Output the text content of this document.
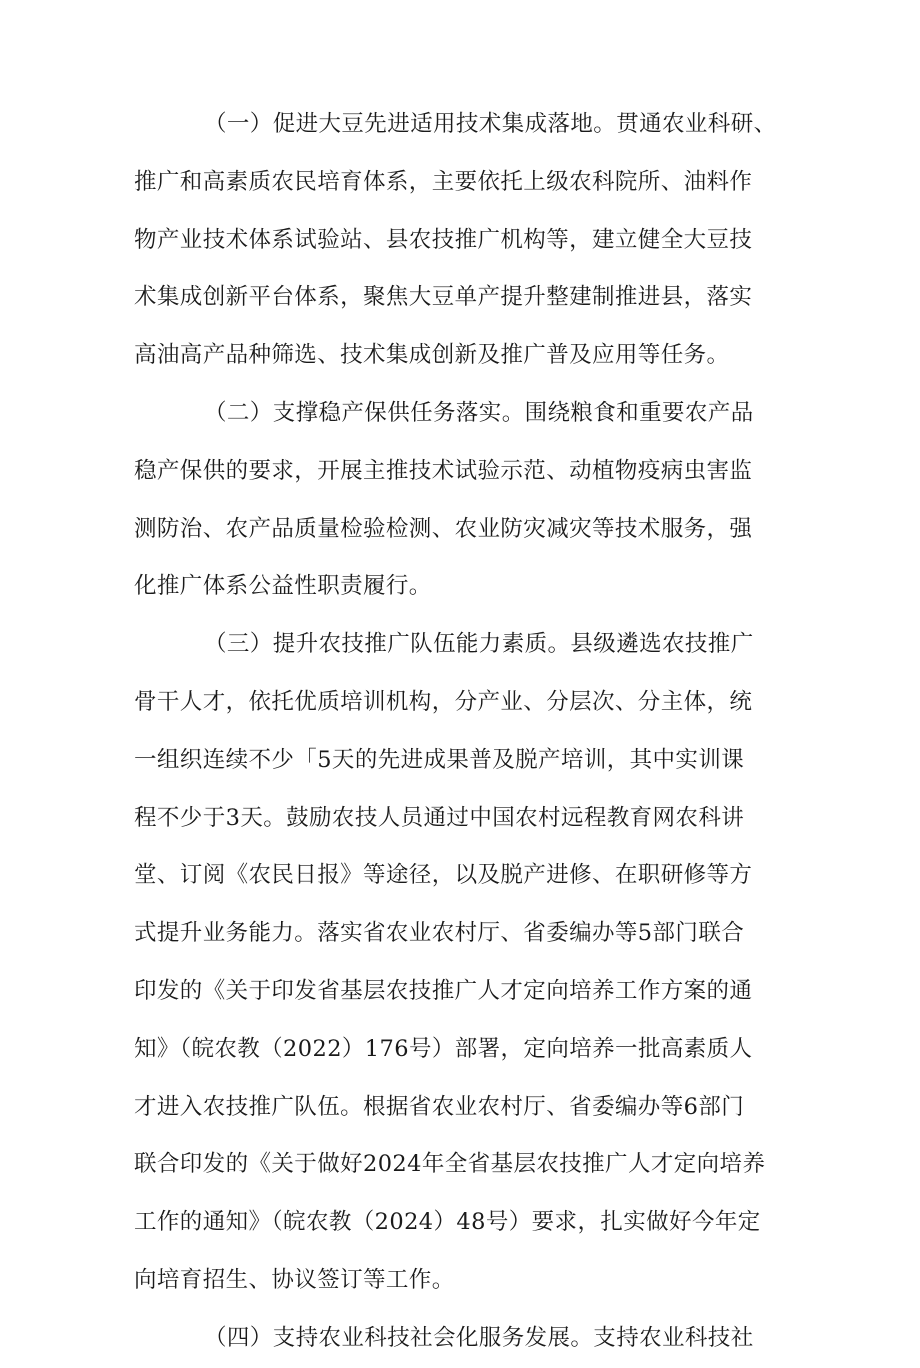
（一）促进大豆先进适用技术集成落地。贯通农业科研、
推广和高素质农民培育体系，主要依托上级农科院所、油料作
物产业技术体系试验站、县农技推广机构等，建立健全大豆技
术集成创新平台体系，聚焦大豆单产提升整建制推进县，落实
高油高产品种筛选、技术集成创新及推广普及应用等任务。
（二）支撑稳产保供任务落实。围绕粮食和重要农产品
稳产保供的要求，开展主推技术试验示范、动植物疫病虫害监
测防治、农产品质量检验检测、农业防灾减灾等技术服务，强
化推广体系公益性职责履行。
（三）提升农技推广队伍能力素质。县级遴选农技推广
骨干人才，依托优质培训机构，分产业、分层次、分主体，统
一组织连续不少「5天的先进成果普及脱产培训，其中实训课
程不少于3天。鼓励农技人员通过中国农村远程教育网农科讲
堂、订阅《农民日报》等途径，以及脱产进修、在职研修等方
式提升业务能力。落实省农业农村厅、省委编办等5部门联合
印发的《关于印发省基层农技推广人才定向培养工作方案的通
知》（皖农教（2022）176号）部署，定向培养一批高素质人
才进入农技推广队伍。根据省农业农村厅、省委编办等6部门
联合印发的《关于做好2024年全省基层农技推广人才定向培养
工作的通知》（皖农教（2024）48号）要求，扎实做好今年定
向培育招生、协议签订等工作。
（四）支持农业科技社会化服务发展。支持农业科技社
